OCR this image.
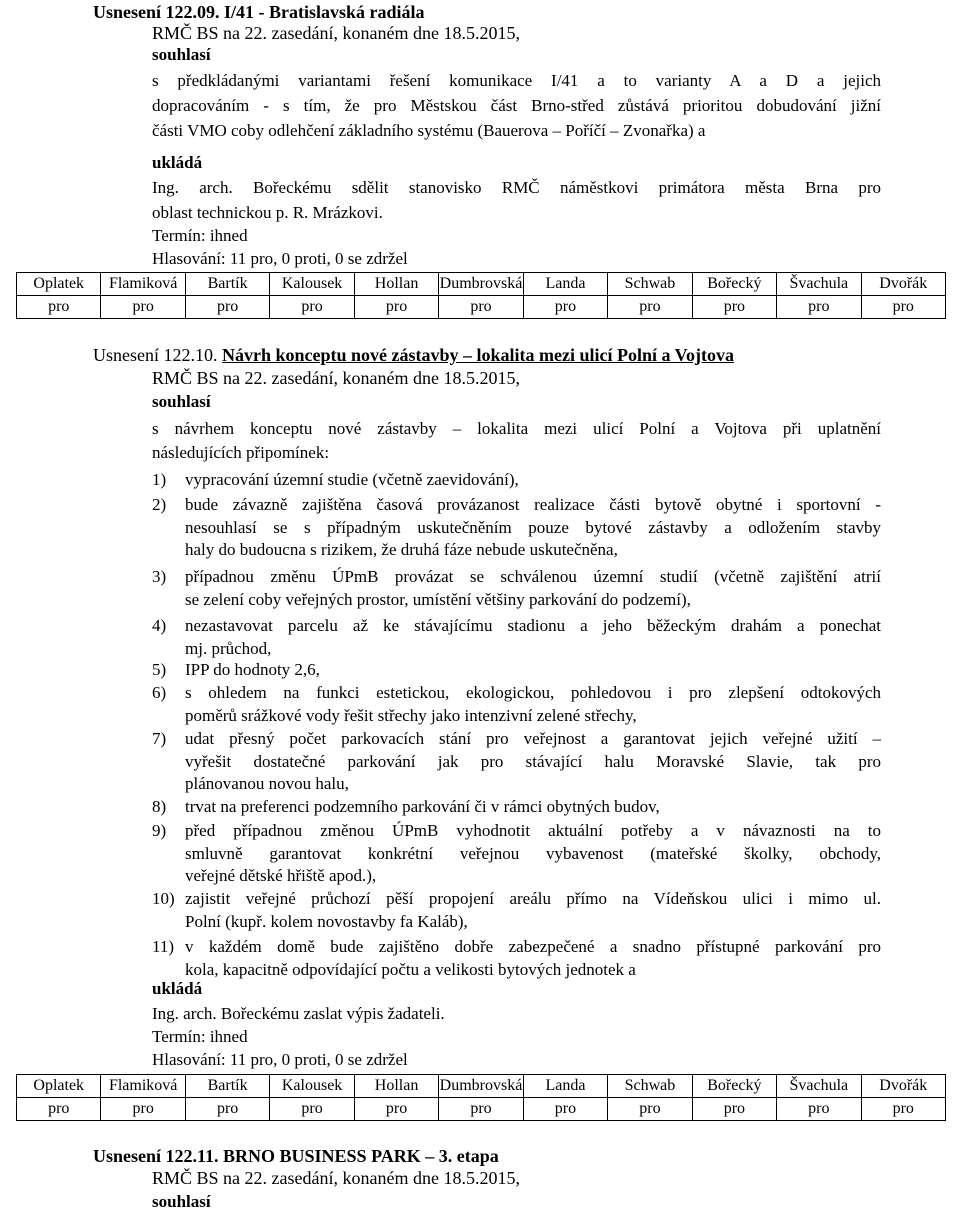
Usnesení 122.09. I/41 - Bratislavská radiála
RMČ BS na 22. zasedání, konaném dne 18.5.2015,
souhlasí
s předkládanými variantami řešení komunikace I/41 a to varianty A a D a jejich
dopracováním - s tím, že pro Městskou část Brno-střed zůstává prioritou dobudování jižní
části VMO coby odlehčení základního systému (Bauerova – Poříčí – Zvonařka) a
ukládá
Ing. arch. Bořeckému sdělit stanovisko RMČ náměstkovi primátora města Brna pro
oblast technickou p. R. Mrázkovi.
Termín: ihned
Hlasování: 11 pro, 0 proti, 0 se zdržel
Oplatek	Flamiková	Bartík	Kalousek	Hollan	Dumbrovská	Landa	Schwab	Bořecký	Švachula	Dvořák
pro	pro	pro	pro	pro	pro	pro	pro	pro	pro	pro
Usnesení 122.10. Návrh konceptu nové zástavby – lokalita mezi ulicí Polní a Vojtova
RMČ BS na 22. zasedání, konaném dne 18.5.2015,
souhlasí
s návrhem konceptu nové zástavby – lokalita mezi ulicí Polní a Vojtova při uplatnění
následujících připomínek:
1) vypracování územní studie (včetně zaevidování),
2) bude závazně zajištěna časová provázanost realizace části bytově obytné i sportovní -
nesouhlasí se s případným uskutečněním pouze bytové zástavby a odložením stavby
haly do budoucna s rizikem, že druhá fáze nebude uskutečněna,
3) případnou změnu ÚPmB provázat se schválenou územní studií (včetně zajištění atrií
se zelení coby veřejných prostor, umístění většiny parkování do podzemí),
4) nezastavovat parcelu až ke stávajícímu stadionu a jeho běžeckým drahám a ponechat
mj. průchod,
5) IPP do hodnoty 2,6,
6) s ohledem na funkci estetickou, ekologickou, pohledovou i pro zlepšení odtokových
poměrů srážkové vody řešit střechy jako intenzivní zelené střechy,
7) udat přesný počet parkovacích stání pro veřejnost a garantovat jejich veřejné užití –
vyřešit dostatečné parkování jak pro stávající halu Moravské Slavie, tak pro
plánovanou novou halu,
8) trvat na preferenci podzemního parkování či v rámci obytných budov,
9) před případnou změnou ÚPmB vyhodnotit aktuální potřeby a v návaznosti na to
smluvně garantovat konkrétní veřejnou vybavenost (mateřské školky, obchody,
veřejné dětské hřiště apod.),
10) zajistit veřejné průchozí pěší propojení areálu přímo na Vídeňskou ulici i mimo ul.
Polní (kupř. kolem novostavby fa Kaláb),
11) v každém domě bude zajištěno dobře zabezpečené a snadno přístupné parkování pro
kola, kapacitně odpovídající počtu a velikosti bytových jednotek a
ukládá
Ing. arch. Bořeckému zaslat výpis žadateli.
Termín: ihned
Hlasování: 11 pro, 0 proti, 0 se zdržel
Oplatek	Flamiková	Bartík	Kalousek	Hollan	Dumbrovská	Landa	Schwab	Bořecký	Švachula	Dvořák
pro	pro	pro	pro	pro	pro	pro	pro	pro	pro	pro
Usnesení 122.11. BRNO BUSINESS PARK – 3. etapa
RMČ BS na 22. zasedání, konaném dne 18.5.2015,
souhlasí
